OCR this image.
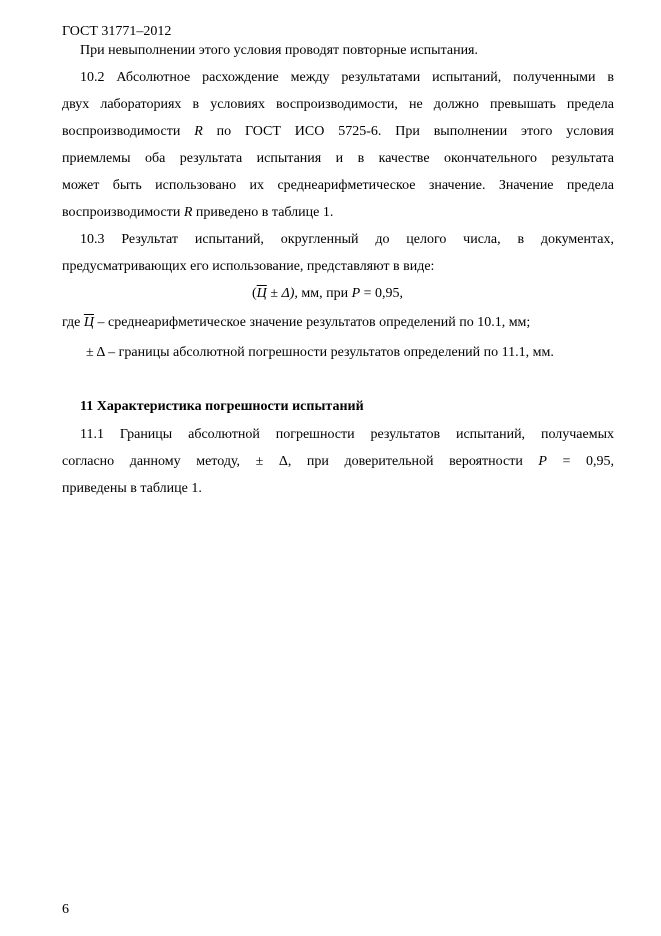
ГОСТ 31771–2012
При невыполнении этого условия проводят повторные испытания.
10.2 Абсолютное расхождение между результатами испытаний, полученными в
двух лабораториях в условиях воспроизводимости, не должно превышать предела
воспроизводимости R по ГОСТ ИСО 5725-6. При выполнении этого условия
приемлемы оба результата испытания и в качестве окончательного результата
может быть использовано их среднеарифметическое значение. Значение предела
воспроизводимости R приведено в таблице 1.
10.3 Результат испытаний, округленный до целого числа, в документах,
предусматривающих его использование, представляют в виде:
(Ц ± Δ), мм, при P = 0,95,
где Ц – среднеарифметическое значение результатов определений по 10.1, мм;
± Δ – границы абсолютной погрешности результатов определений по 11.1, мм.
11 Характеристика погрешности испытаний
11.1 Границы абсолютной погрешности результатов испытаний, получаемых
согласно данному методу, ± Δ, при доверительной вероятности P = 0,95,
приведены в таблице 1.
6
